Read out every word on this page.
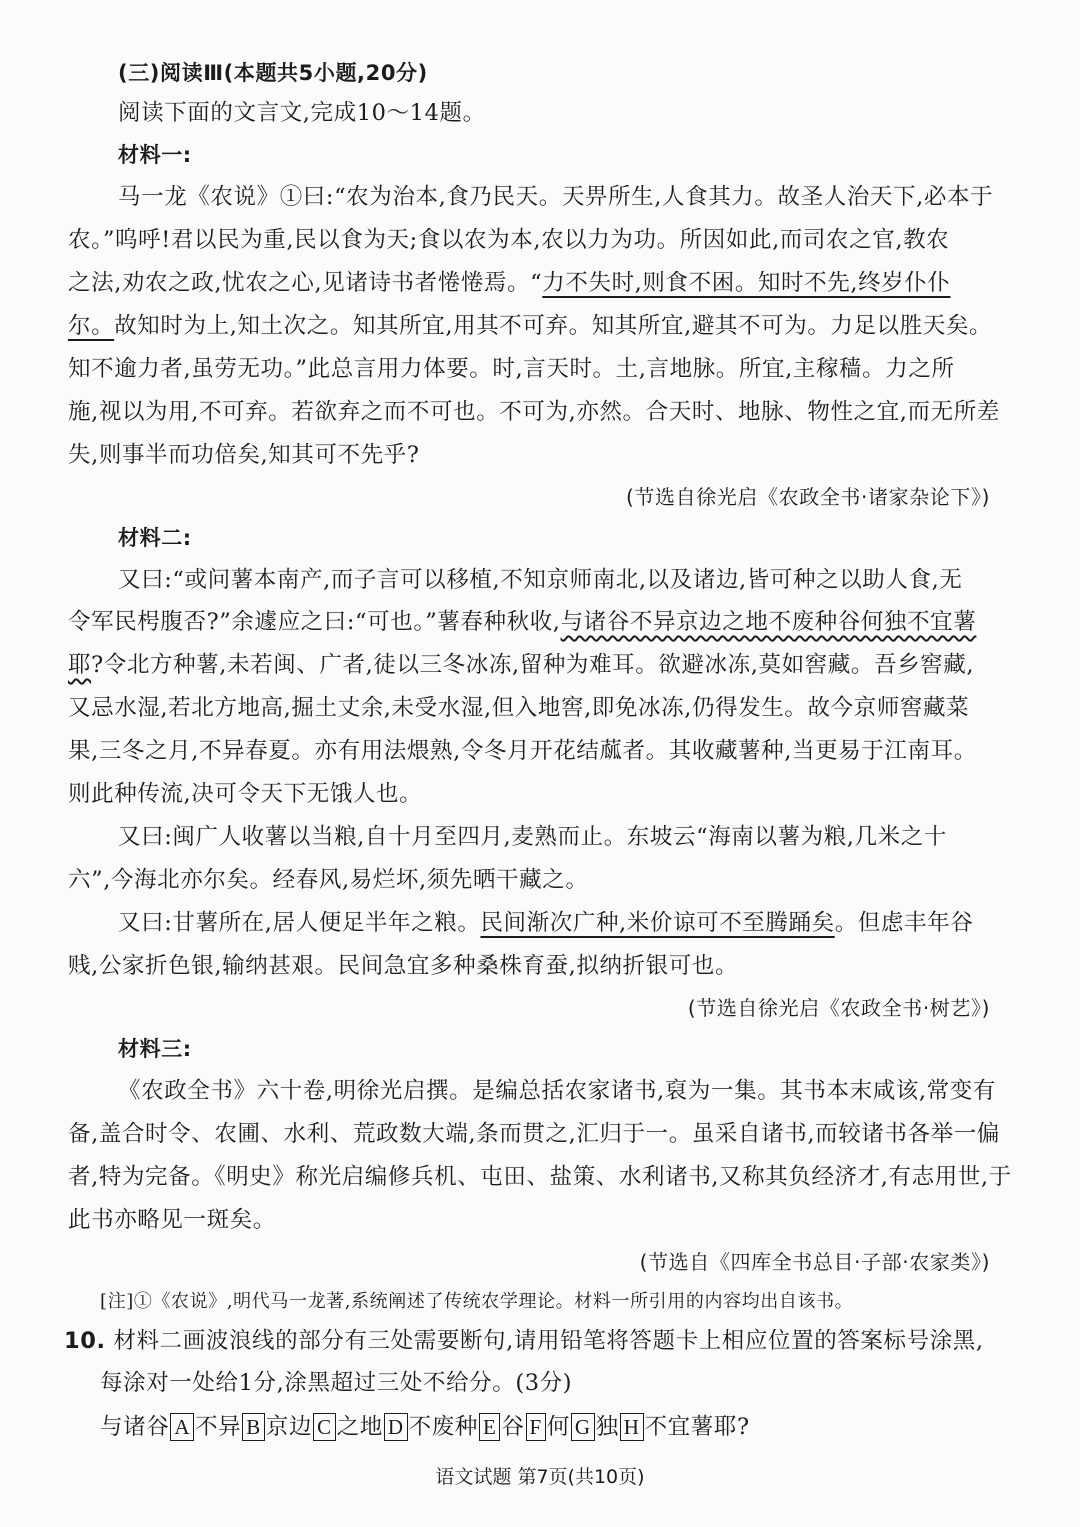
(三)阅读Ⅲ(本题共5小题,20分)
阅读下面的文言文,完成10～14题。
材料一:
马一龙《农说》①曰:“农为治本,食乃民天。天畀所生,人食其力。故圣人治天下,必本于
农。”呜呼!君以民为重,民以食为天;食以农为本,农以力为功。所因如此,而司农之官,教农
之法,劝农之政,忧农之心,见诸诗书者惓惓焉。“力不失时,则食不困。知时不先,终岁仆仆
尔。故知时为上,知土次之。知其所宜,用其不可弃。知其所宜,避其不可为。力足以胜天矣。
知不逾力者,虽劳无功。”此总言用力体要。时,言天时。土,言地脉。所宜,主稼穑。力之所
施,视以为用,不可弃。若欲弃之而不可也。不可为,亦然。合天时、地脉、物性之宜,而无所差
失,则事半而功倍矣,知其可不先乎?
(节选自徐光启《农政全书·诸家杂论下》)
材料二:
又曰:“或问薯本南产,而子言可以移植,不知京师南北,以及诸边,皆可种之以助人食,无
令军民枵腹否?”余遽应之曰:“可也。”薯春种秋收,与诸谷不异京边之地不废种谷何独不宜薯
耶?令北方种薯,未若闽、广者,徒以三冬冰冻,留种为难耳。欲避冰冻,莫如窖藏。吾乡窖藏,
又忌水湿,若北方地高,掘土丈余,未受水湿,但入地窖,即免冰冻,仍得发生。故今京师窖藏菜
果,三冬之月,不异春夏。亦有用法煨熟,令冬月开花结蓏者。其收藏薯种,当更易于江南耳。
则此种传流,决可令天下无饿人也。
又曰:闽广人收薯以当粮,自十月至四月,麦熟而止。东坡云“海南以薯为粮,几米之十
六”,今海北亦尔矣。经春风,易烂坏,须先晒干藏之。
又曰:甘薯所在,居人便足半年之粮。民间渐次广种,米价谅可不至腾踊矣。但虑丰年谷
贱,公家折色银,输纳甚艰。民间急宜多种桑株育蚕,拟纳折银可也。
(节选自徐光启《农政全书·树艺》)
材料三:
《农政全书》六十卷,明徐光启撰。是编总括农家诸书,裒为一集。其书本末咸该,常变有
备,盖合时令、农圃、水利、荒政数大端,条而贯之,汇归于一。虽采自诸书,而较诸书各举一偏
者,特为完备。《明史》称光启编修兵机、屯田、盐策、水利诸书,又称其负经济才,有志用世,于
此书亦略见一斑矣。
(节选自《四库全书总目·子部·农家类》)
[注]①《农说》,明代马一龙著,系统阐述了传统农学理论。材料一所引用的内容均出自该书。
10. 材料二画波浪线的部分有三处需要断句,请用铅笔将答题卡上相应位置的答案标号涂黑,
每涂对一处给1分,涂黑超过三处不给分。(3分)
与诸谷 A 不异 B 京边 C 之地 D 不废种 E 谷 F 何 G 独 H 不宜薯耶?
语文试题 第7页(共10页)
